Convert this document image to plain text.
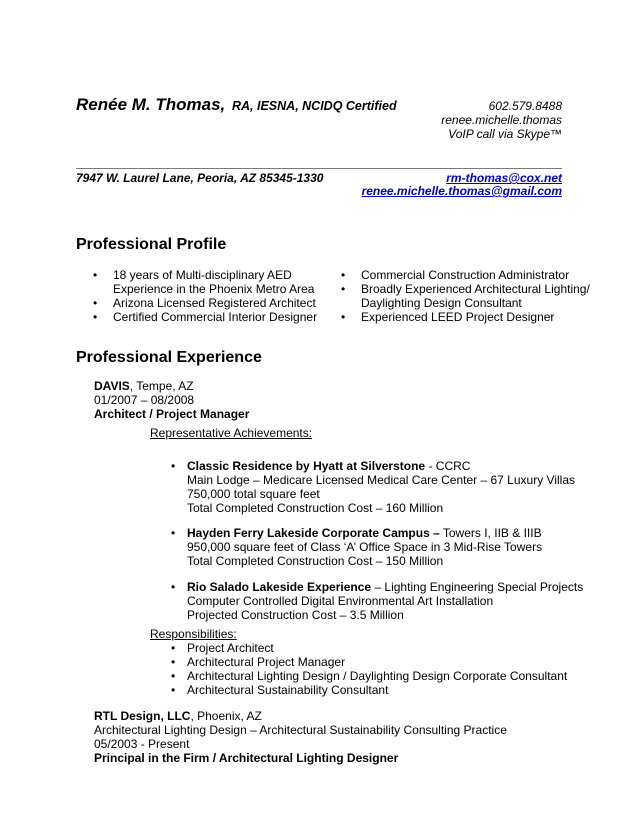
Renée M. Thomas, RA, IESNA, NCIDQ Certified	602.579.8488
renee.michelle.thomas
VoIP call via Skype™
7947 W. Laurel Lane, Peoria, AZ 85345-1330	rm-thomas@cox.net
renee.michelle.thomas@gmail.com
Professional Profile
• 18 years of Multi-disciplinary AED
Experience in the Phoenix Metro Area
• Arizona Licensed Registered Architect
• Certified Commercial Interior Designer
• Commercial Construction Administrator
• Broadly Experienced Architectural Lighting/
Daylighting Design Consultant
• Experienced LEED Project Designer
Professional Experience
DAVIS, Tempe, AZ
01/2007 – 08/2008
Architect / Project Manager
Representative Achievements:
• Classic Residence by Hyatt at Silverstone - CCRC
Main Lodge – Medicare Licensed Medical Care Center – 67 Luxury Villas
750,000 total square feet
Total Completed Construction Cost – 160 Million
• Hayden Ferry Lakeside Corporate Campus – Towers I, IIB & IIIB
950,000 square feet of Class ‘A’ Office Space in 3 Mid-Rise Towers
Total Completed Construction Cost – 150 Million
• Rio Salado Lakeside Experience – Lighting Engineering Special Projects
Computer Controlled Digital Environmental Art Installation
Projected Construction Cost – 3.5 Million
Responsibilities:
• Project Architect
• Architectural Project Manager
• Architectural Lighting Design / Daylighting Design Corporate Consultant
• Architectural Sustainability Consultant
RTL Design, LLC, Phoenix, AZ
Architectural Lighting Design – Architectural Sustainability Consulting Practice
05/2003 - Present
Principal in the Firm / Architectural Lighting Designer
